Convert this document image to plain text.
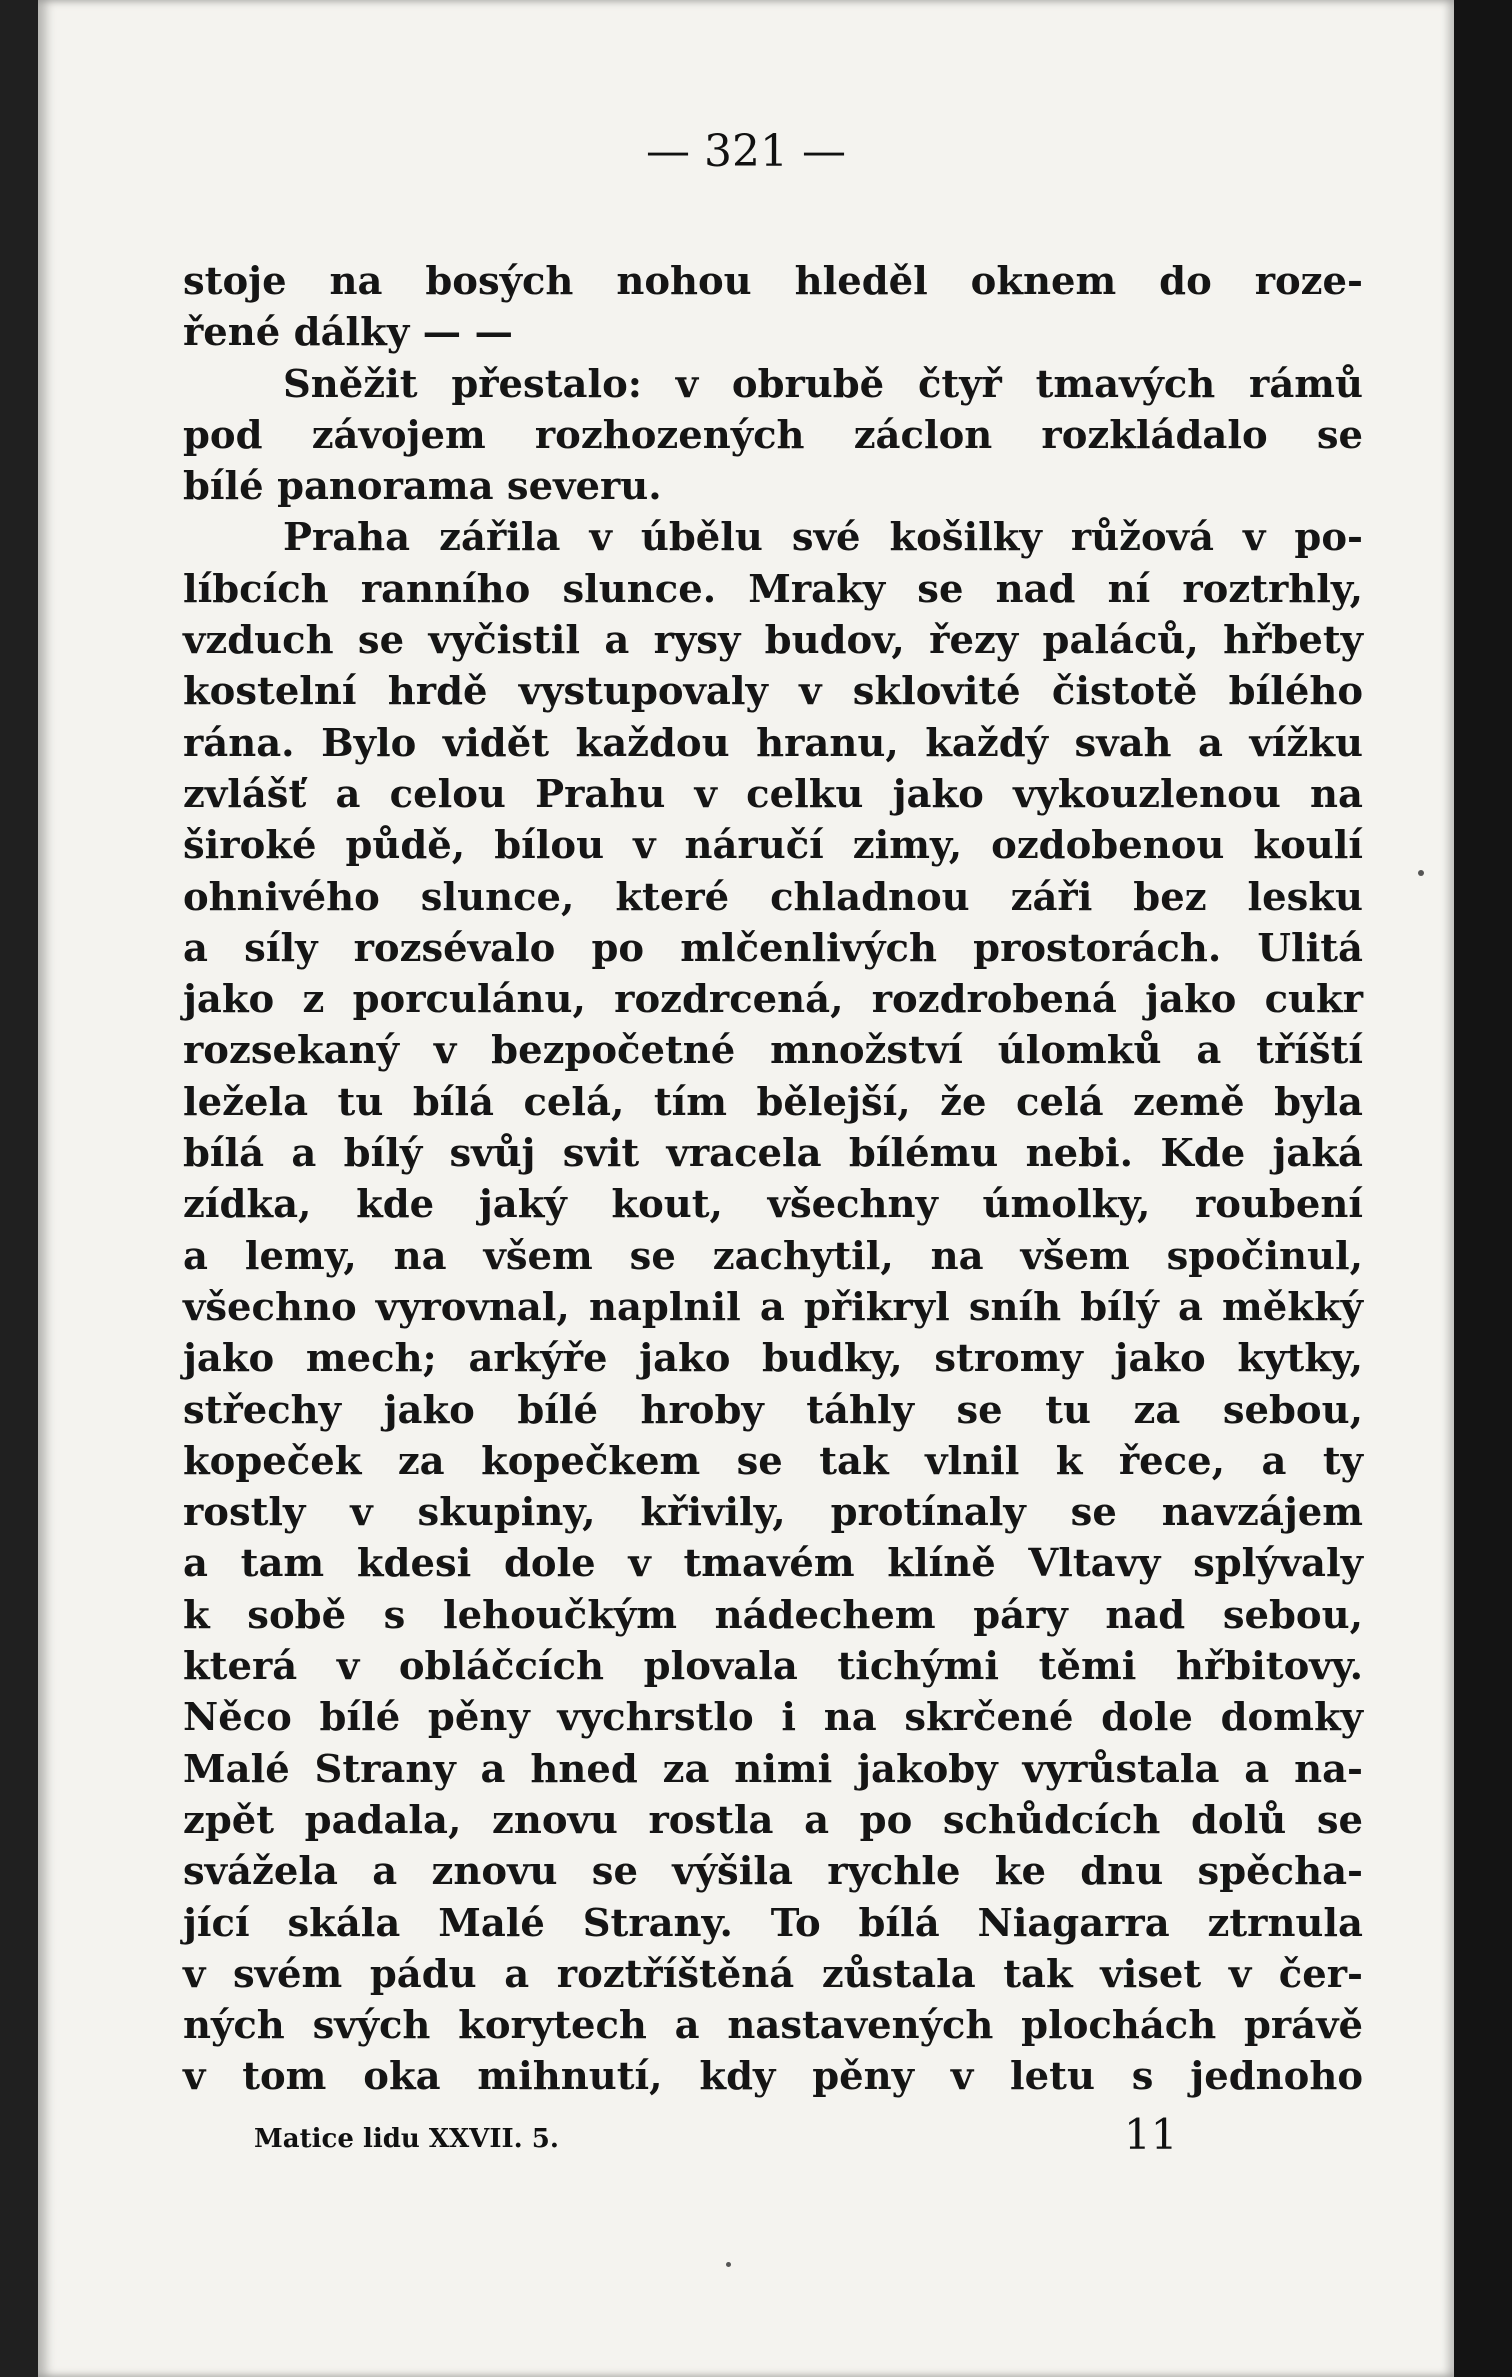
— 321 —
stoje na bosých nohou hleděl oknem do roze-
řené dálky — —
Sněžit přestalo: v obrubě čtyř tmavých rámů
pod závojem rozhozených záclon rozkládalo se
bílé panorama severu.
Praha zářila v úbělu své košilky růžová v po-
líbcích ranního slunce. Mraky se nad ní roztrhly,
vzduch se vyčistil a rysy budov, řezy paláců, hřbety
kostelní hrdě vystupovaly v sklovité čistotě bílého
rána. Bylo vidět každou hranu, každý svah a vížku
zvlášť a celou Prahu v celku jako vykouzlenou na
široké půdě, bílou v náručí zimy, ozdobenou koulí
ohnivého slunce, které chladnou záři bez lesku
a síly rozsévalo po mlčenlivých prostorách. Ulitá
jako z porculánu, rozdrcená, rozdrobená jako cukr
rozsekaný v bezpočetné množství úlomků a tříští
ležela tu bílá celá, tím bělejší, že celá země byla
bílá a bílý svůj svit vracela bílému nebi. Kde jaká
zídka, kde jaký kout, všechny úmolky, roubení
a lemy, na všem se zachytil, na všem spočinul,
všechno vyrovnal, naplnil a přikryl sníh bílý a měkký
jako mech; arkýře jako budky, stromy jako kytky,
střechy jako bílé hroby táhly se tu za sebou,
kopeček za kopečkem se tak vlnil k řece, a ty
rostly v skupiny, křivily, protínaly se navzájem
a tam kdesi dole v tmavém klíně Vltavy splývaly
k sobě s lehoučkým nádechem páry nad sebou,
která v obláčcích plovala tichými těmi hřbitovy.
Něco bílé pěny vychrstlo i na skrčené dole domky
Malé Strany a hned za nimi jakoby vyrůstala a na-
zpět padala, znovu rostla a po schůdcích dolů se
svážela a znovu se výšila rychle ke dnu spěcha-
jící skála Malé Strany. To bílá Niagarra ztrnula
v svém pádu a roztříštěná zůstala tak viset v čer-
ných svých korytech a nastavených plochách právě
v tom oka mihnutí, kdy pěny v letu s jednoho
Matice lidu XXVII. 5.	11
